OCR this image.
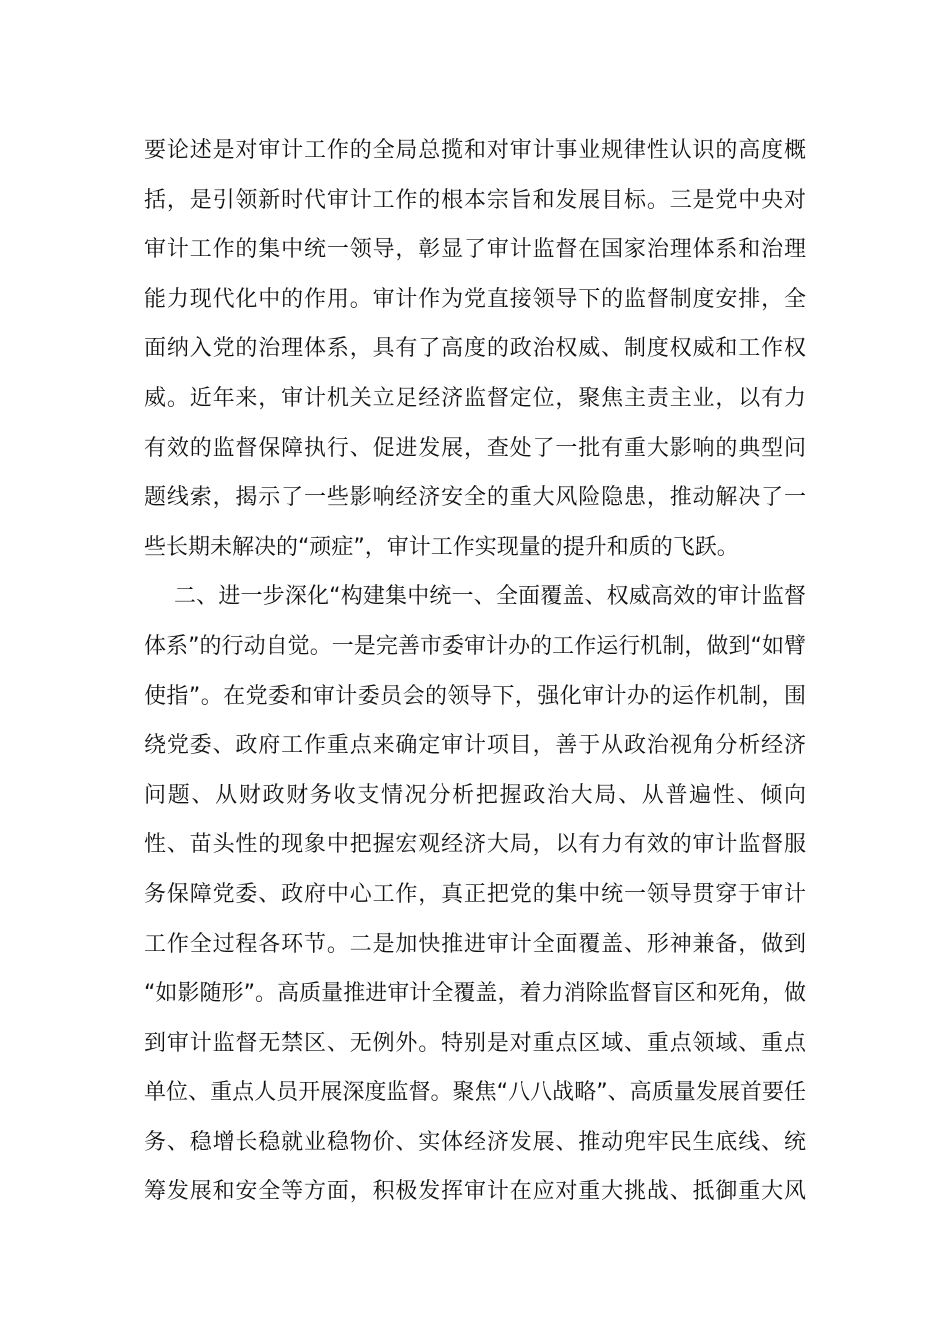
要论述是对审计工作的全局总揽和对审计事业规律性认识的高度概
括，是引领新时代审计工作的根本宗旨和发展目标。三是党中央对
审计工作的集中统一领导，彰显了审计监督在国家治理体系和治理
能力现代化中的作用。审计作为党直接领导下的监督制度安排，全
面纳入党的治理体系，具有了高度的政治权威、制度权威和工作权
威。近年来，审计机关立足经济监督定位，聚焦主责主业，以有力
有效的监督保障执行、促进发展，查处了一批有重大影响的典型问
题线索，揭示了一些影响经济安全的重大风险隐患，推动解决了一
些长期未解决的“顽症”，审计工作实现量的提升和质的飞跃。
二、进一步深化“构建集中统一、全面覆盖、权威高效的审计监督
体系”的行动自觉。一是完善市委审计办的工作运行机制，做到“如臂
使指”。在党委和审计委员会的领导下，强化审计办的运作机制，围
绕党委、政府工作重点来确定审计项目，善于从政治视角分析经济
问题、从财政财务收支情况分析把握政治大局、从普遍性、倾向
性、苗头性的现象中把握宏观经济大局，以有力有效的审计监督服
务保障党委、政府中心工作，真正把党的集中统一领导贯穿于审计
工作全过程各环节。二是加快推进审计全面覆盖、形神兼备，做到
“如影随形”。高质量推进审计全覆盖，着力消除监督盲区和死角，做
到审计监督无禁区、无例外。特别是对重点区域、重点领域、重点
单位、重点人员开展深度监督。聚焦“八八战略”、高质量发展首要任
务、稳增长稳就业稳物价、实体经济发展、推动兜牢民生底线、统
筹发展和安全等方面，积极发挥审计在应对重大挑战、抵御重大风
